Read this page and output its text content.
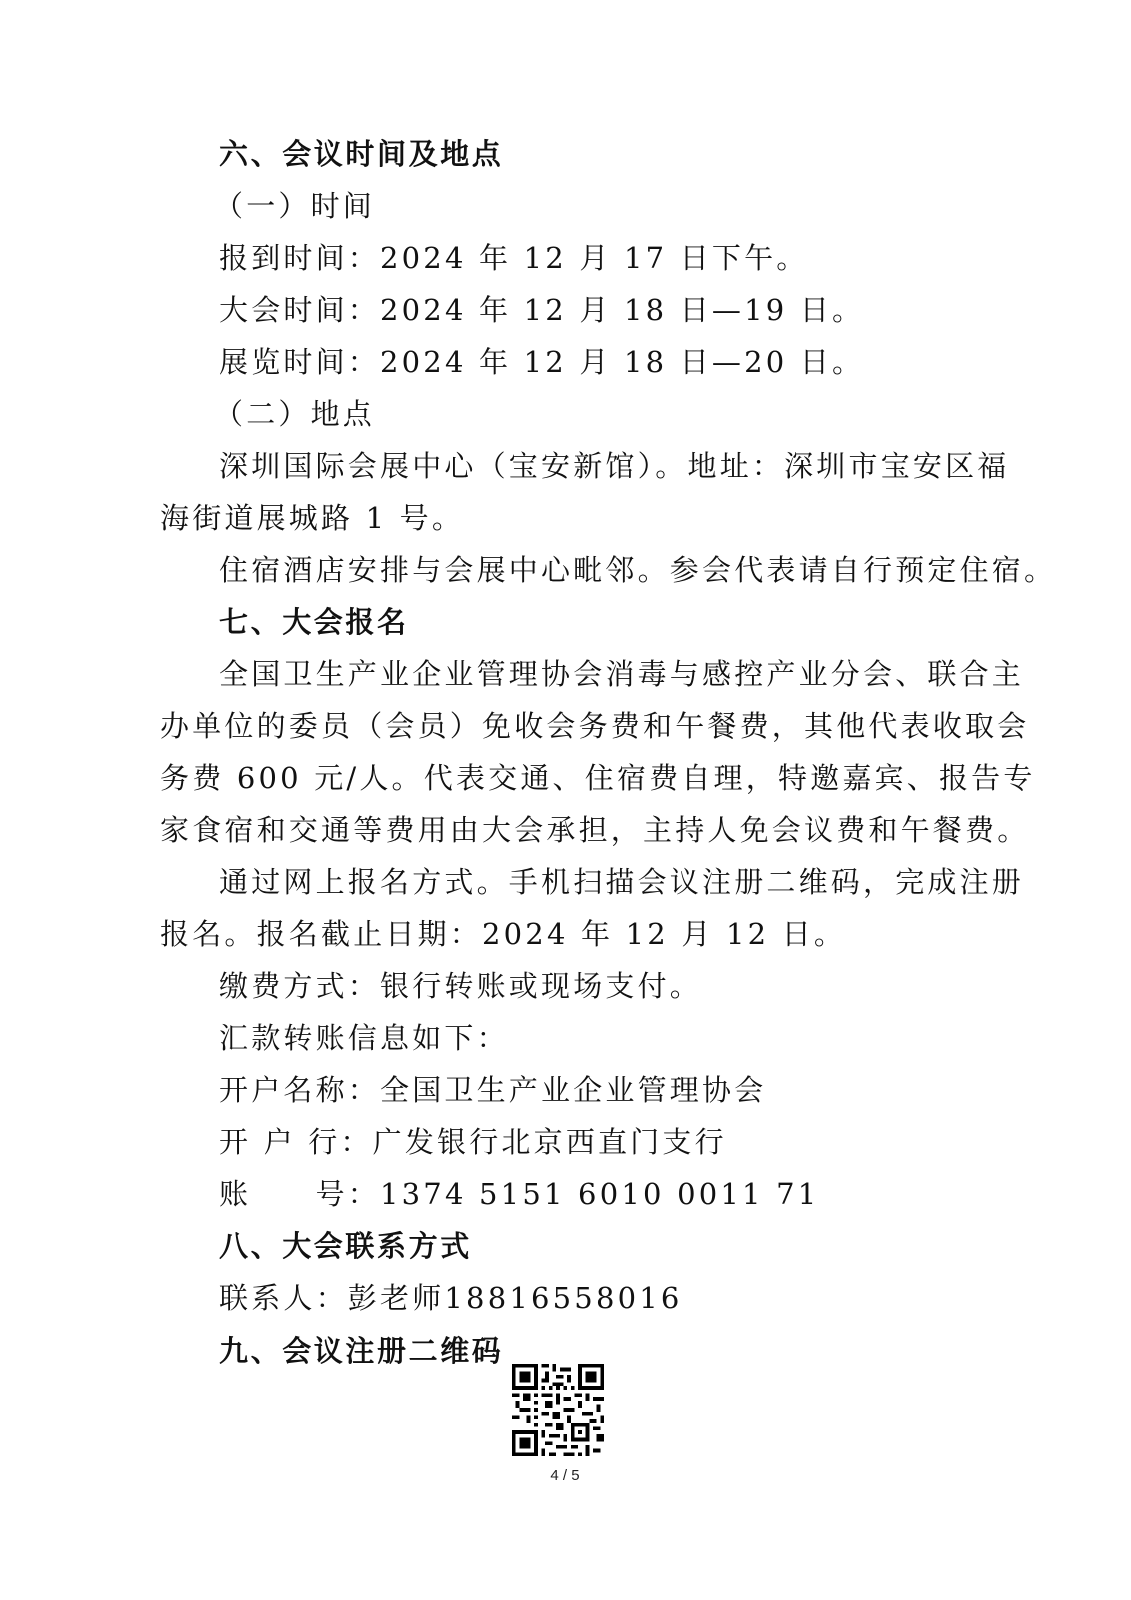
六、会议时间及地点
（一）时间
报到时间：2024 年 12 月 17 日下午。
大会时间：2024 年 12 月 18 日—19 日。
展览时间：2024 年 12 月 18 日—20 日。
（二）地点
深圳国际会展中心（宝安新馆）。地址：深圳市宝安区福
海街道展城路 1 号。
住宿酒店安排与会展中心毗邻。参会代表请自行预定住宿。
七、大会报名
全国卫生产业企业管理协会消毒与感控产业分会、联合主
办单位的委员（会员）免收会务费和午餐费，其他代表收取会
务费 600 元/人。代表交通、住宿费自理，特邀嘉宾、报告专
家食宿和交通等费用由大会承担，主持人免会议费和午餐费。
通过网上报名方式。手机扫描会议注册二维码，完成注册
报名。报名截止日期：2024 年 12 月 12 日。
缴费方式：银行转账或现场支付。
汇款转账信息如下：
开户名称：全国卫生产业企业管理协会
开 户 行：广发银行北京西直门支行
账　　号：1374 5151 6010 0011 71
八、大会联系方式
联系人：彭老师18816558016
九、会议注册二维码
4 / 5
